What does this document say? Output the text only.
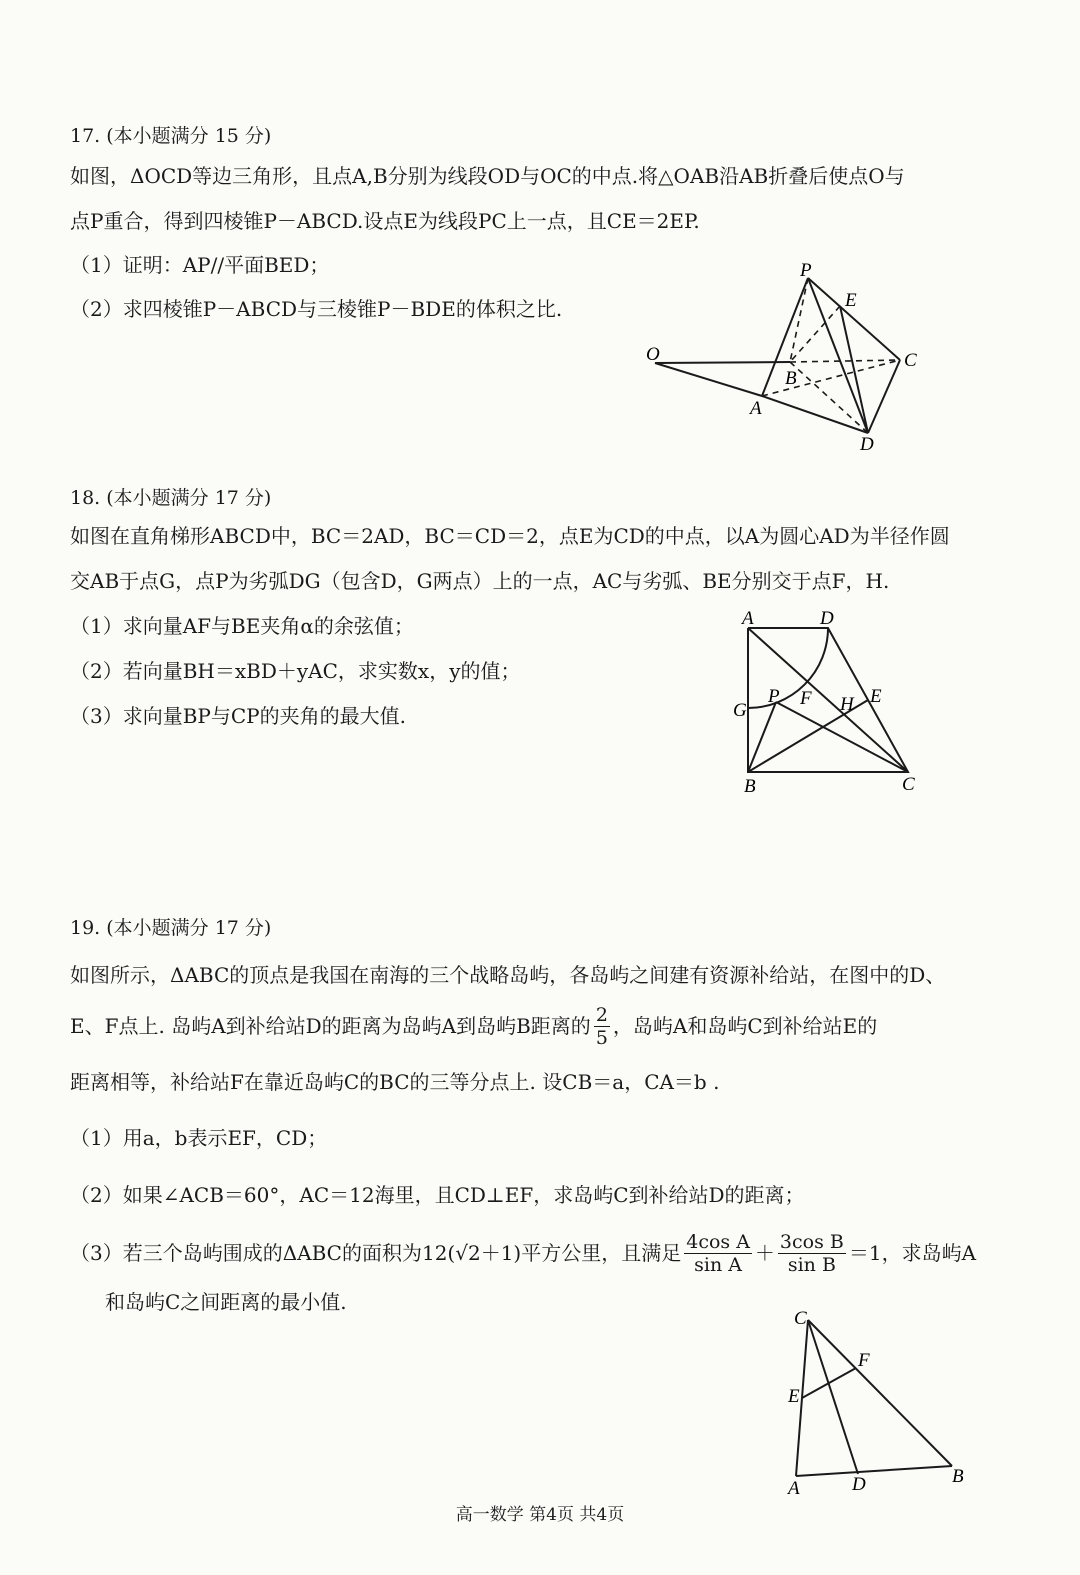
17. (本小题满分 15 分)
如图，ΔOCD等边三角形，且点A,B分别为线段OD与OC的中点.将△OAB沿AB折叠后使点O与
点P重合，得到四棱锥P－ABCD.设点E为线段PC上一点，且CE＝2EP.
（1）证明：AP//平面BED；
（2）求四棱锥P－ABCD与三棱锥P－BDE的体积之比.
P
E
O
B
C
A
D
18. (本小题满分 17 分)
如图在直角梯形ABCD中，BC＝2AD，BC＝CD＝2，点E为CD的中点，以A为圆心AD为半径作圆
交AB于点G，点P为劣弧DG（包含D，G两点）上的一点，AC与劣弧、BE分别交于点F，H.
（1）求向量AF与BE夹角α的余弦值；
（2）若向量BH＝xBD＋yAC，求实数x，y的值；
（3）求向量BP与CP的夹角的最大值.
A	D
G
P F H E
B	C
19. (本小题满分 17 分)
如图所示，ΔABC的顶点是我国在南海的三个战略岛屿，各岛屿之间建有资源补给站，在图中的D、
E、F点上. 岛屿A到补给站D的距离为岛屿A到岛屿B距离的 $\frac{2}{5}$ ，岛屿A和岛屿C到补给站E的
距离相等，补给站F在靠近岛屿C的BC的三等分点上. 设CB＝a，CA＝b .
（1）用a，b表示EF，CD；
（2）如果∠ACB＝60°，AC＝12海里，且CD⊥EF，求岛屿C到补给站D的距离；
（3）若三个岛屿围成的ΔABC的面积为12(√2＋1)平方公里，且满足 $\frac{\text{4cos A}}{\text{sin A}} + \frac{\text{3cos B}}{\text{sin B}} =1$，求岛屿A
和岛屿C之间距离的最小值.
C
F
E
A	D	B
高一数学 第4页 共4页
